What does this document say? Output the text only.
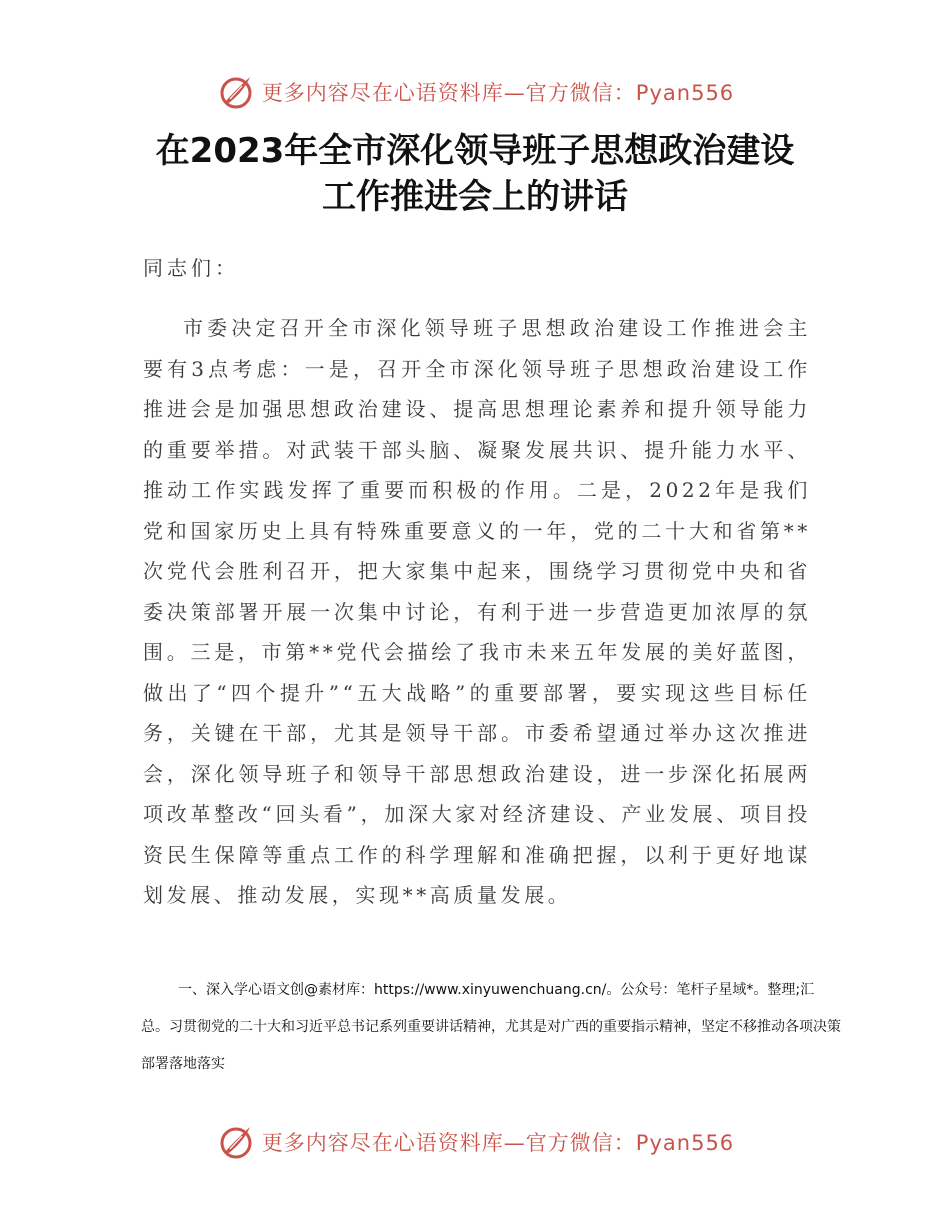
更多内容尽在心语资料库—官方微信：Pyan556
在2023年全市深化领导班子思想政治建设
工作推进会上的讲话
同志们：

市委决定召开全市深化领导班子思想政治建设工作推进会主要有3点考虑：一是，召开全市深化领导班子思想政治建设工作推进会是加强思想政治建设、提高思想理论素养和提升领导能力的重要举措。对武装干部头脑、凝聚发展共识、提升能力水平、推动工作实践发挥了重要而积极的作用。二是，2022年是我们党和国家历史上具有特殊重要意义的一年，党的二十大和省第**次党代会胜利召开，把大家集中起来，围绕学习贯彻党中央和省委决策部署开展一次集中讨论，有利于进一步营造更加浓厚的氛围。三是，市第**党代会描绘了我市未来五年发展的美好蓝图，做出了“四个提升”“五大战略”的重要部署，要实现这些目标任务，关键在干部，尤其是领导干部。市委希望通过举办这次推进会，深化领导班子和领导干部思想政治建设，进一步深化拓展两项改革整改“回头看”，加深大家对经济建设、产业发展、项目投资民生保障等重点工作的科学理解和准确把握，以利于更好地谋划发展、推动发展，实现**高质量发展。

一、深入学心语文创@素材库：https://www.xinyuwenchuang.cn/。公众号：笔杆子星域*。整理;汇总。习贯彻党的二十大和习近平总书记系列重要讲话精神，尤其是对广西的重要指示精神，坚定不移推动各项决策部署落地落实

更多内容尽在心语资料库—官方微信：Pyan556
